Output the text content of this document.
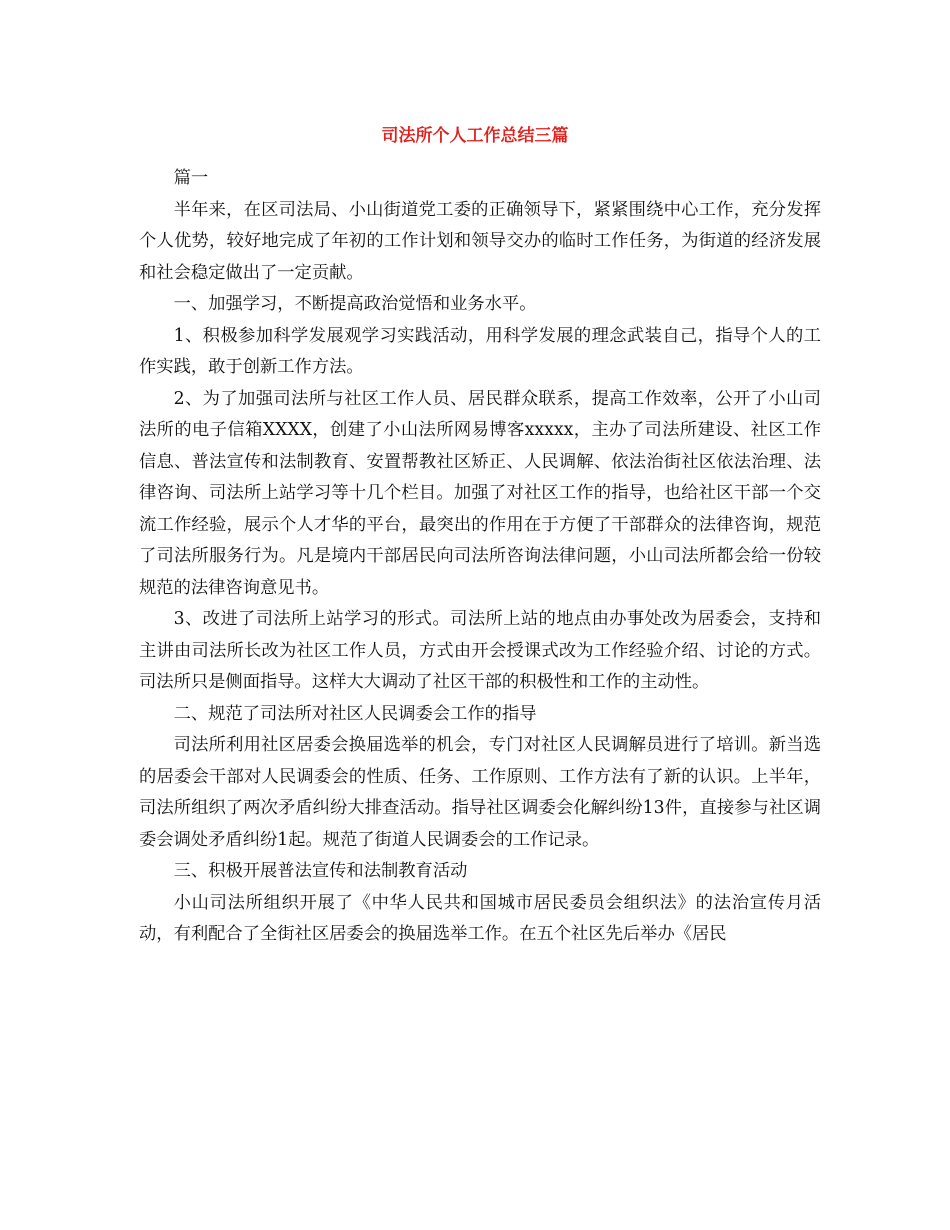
司法所个人工作总结三篇

篇一

半年来，在区司法局、小山街道党工委的正确领导下，紧紧围绕中心工作，充分发挥个人优势，较好地完成了年初的工作计划和领导交办的临时工作任务，为街道的经济发展和社会稳定做出了一定贡献。

一、加强学习，不断提高政治觉悟和业务水平。

1、积极参加科学发展观学习实践活动，用科学发展的理念武装自己，指导个人的工作实践，敢于创新工作方法。

2、为了加强司法所与社区工作人员、居民群众联系，提高工作效率，公开了小山司法所的电子信箱XXXX，创建了小山法所网易博客xxxxx，主办了司法所建设、社区工作信息、普法宣传和法制教育、安置帮教社区矫正、人民调解、依法治街社区依法治理、法律咨询、司法所上站学习等十几个栏目。加强了对社区工作的指导，也给社区干部一个交流工作经验，展示个人才华的平台，最突出的作用在于方便了干部群众的法律咨询，规范了司法所服务行为。凡是境内干部居民向司法所咨询法律问题，小山司法所都会给一份较规范的法律咨询意见书。

3、改进了司法所上站学习的形式。司法所上站的地点由办事处改为居委会，支持和主讲由司法所长改为社区工作人员，方式由开会授课式改为工作经验介绍、讨论的方式。司法所只是侧面指导。这样大大调动了社区干部的积极性和工作的主动性。

二、规范了司法所对社区人民调委会工作的指导

司法所利用社区居委会换届选举的机会，专门对社区人民调解员进行了培训。新当选的居委会干部对人民调委会的性质、任务、工作原则、工作方法有了新的认识。上半年，司法所组织了两次矛盾纠纷大排查活动。指导社区调委会化解纠纷13件，直接参与社区调委会调处矛盾纠纷1起。规范了街道人民调委会的工作记录。

三、积极开展普法宣传和法制教育活动

小山司法所组织开展了《中华人民共和国城市居民委员会组织法》的法治宣传月活动，有利配合了全街社区居委会的换届选举工作。在五个社区先后举办《居民
